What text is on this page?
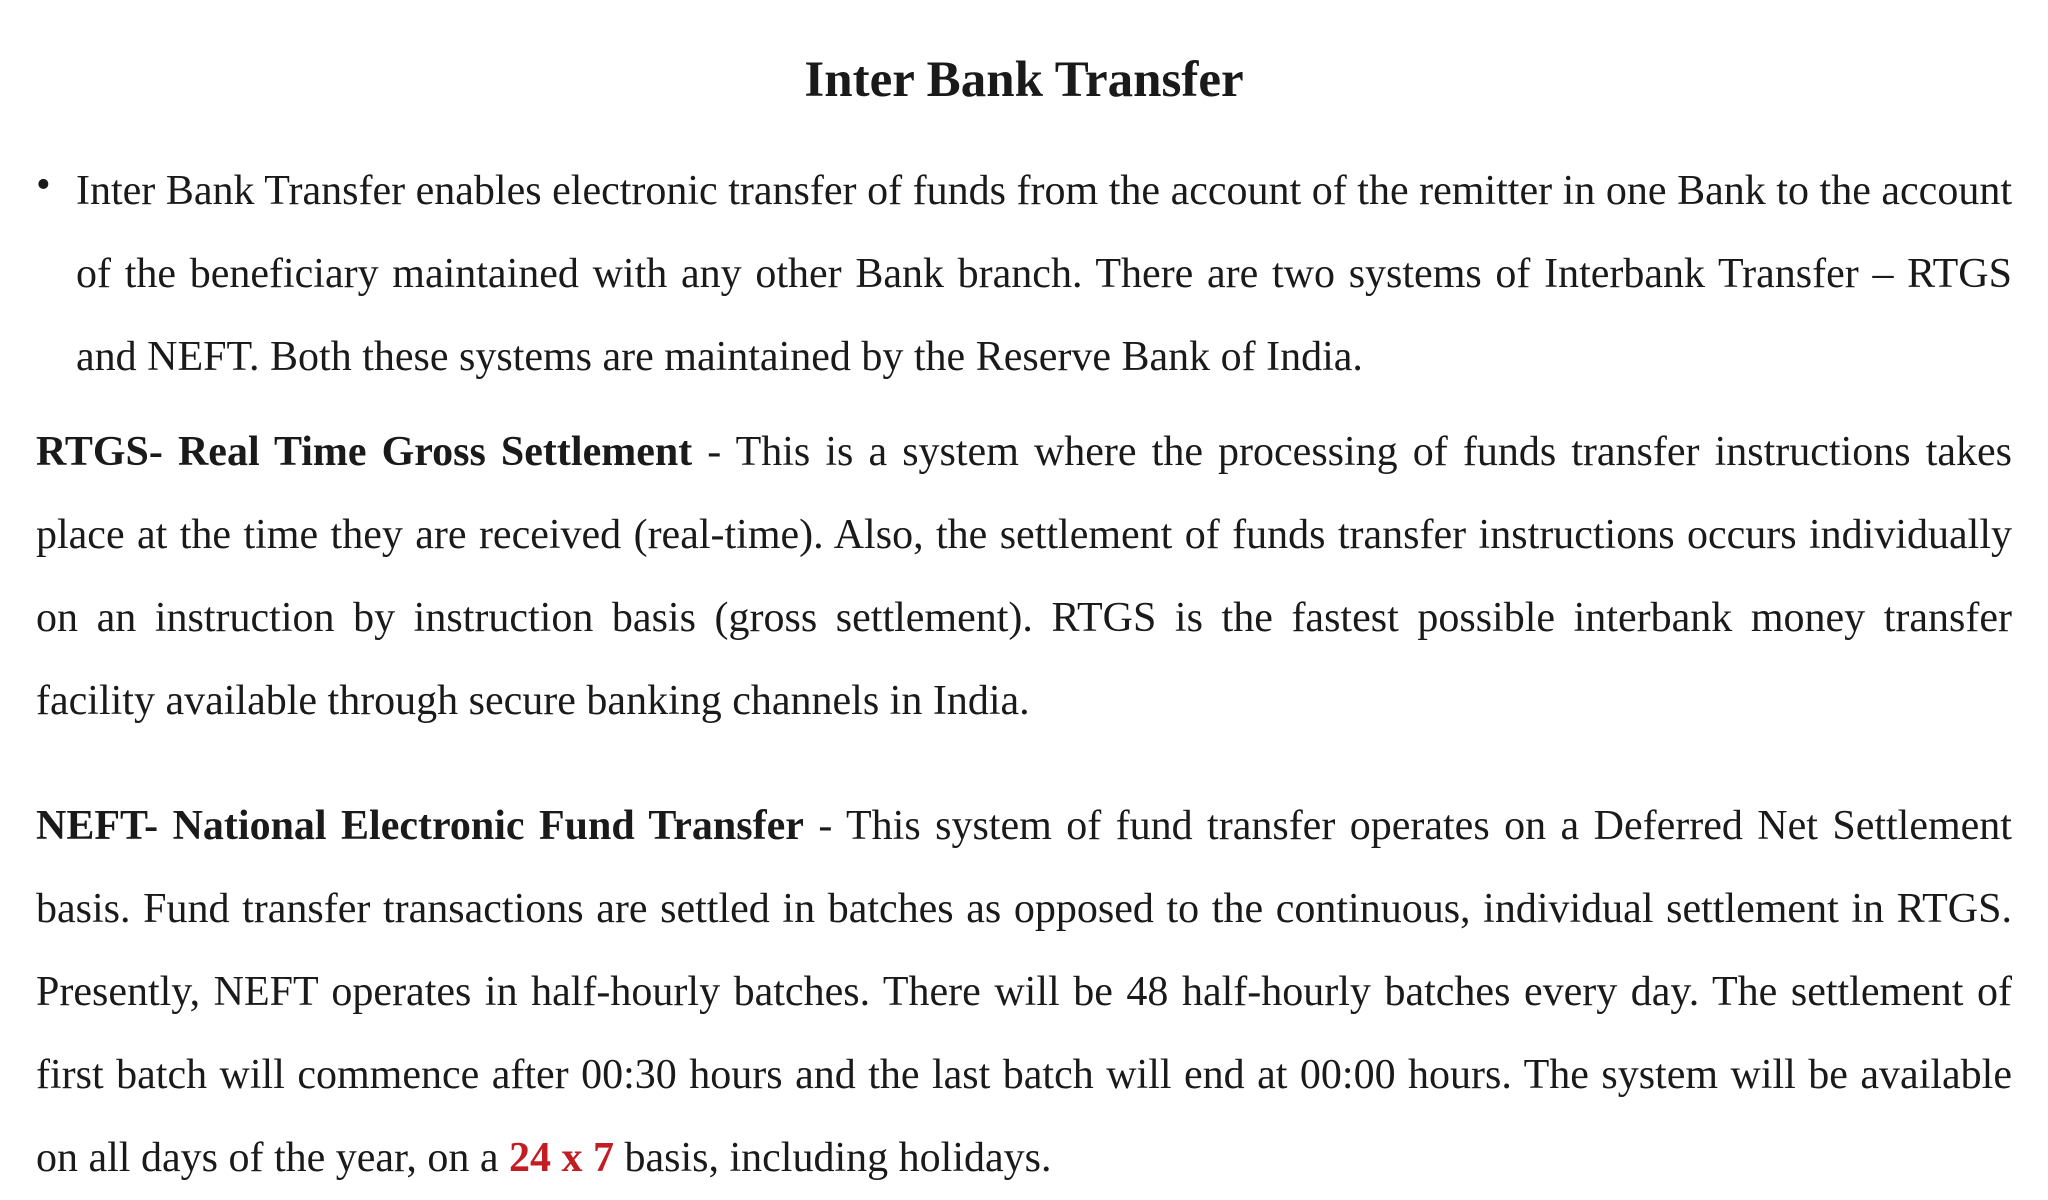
Inter Bank Transfer
• Inter Bank Transfer enables electronic transfer of funds from the account of the remitter in one Bank to the account of the beneficiary maintained with any other Bank branch. There are two systems of Interbank Transfer – RTGS and NEFT. Both these systems are maintained by the Reserve Bank of India.

RTGS- Real Time Gross Settlement - This is a system where the processing of funds transfer instructions takes place at the time they are received (real-time). Also, the settlement of funds transfer instructions occurs individually on an instruction by instruction basis (gross settlement). RTGS is the fastest possible interbank money transfer facility available through secure banking channels in India.

NEFT- National Electronic Fund Transfer - This system of fund transfer operates on a Deferred Net Settlement basis. Fund transfer transactions are settled in batches as opposed to the continuous, individual settlement in RTGS. Presently, NEFT operates in half-hourly batches. There will be 48 half-hourly batches every day. The settlement of first batch will commence after 00:30 hours and the last batch will end at 00:00 hours. The system will be available on all days of the year, on a 24 x 7 basis, including holidays.
